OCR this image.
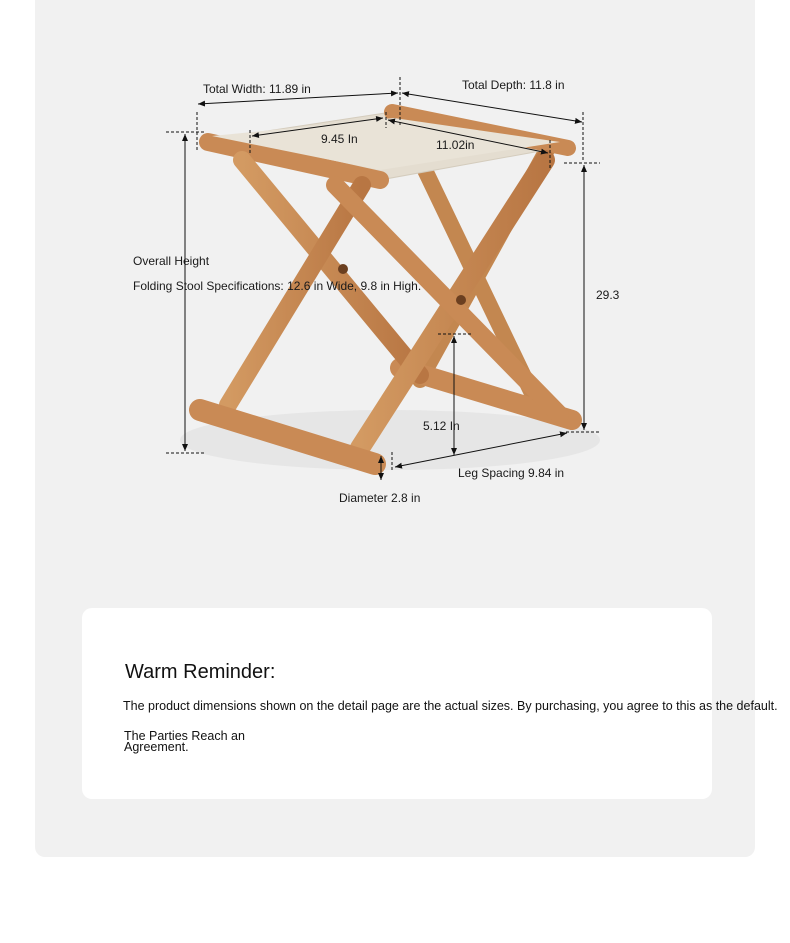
Total Width: 11.89 in	Total Depth: 11.8 in
9.45 In	11.02in
Overall Height
Folding Stool Specifications: 12.6 in Wide, 9.8 in High.
29.3
5.12 In
Leg Spacing 9.84 in
Diameter 2.8 in
Warm Reminder:
The product dimensions shown on the detail page are the actual sizes. By purchasing, you agree to this as the default.
The Parties Reach an Agreement.
